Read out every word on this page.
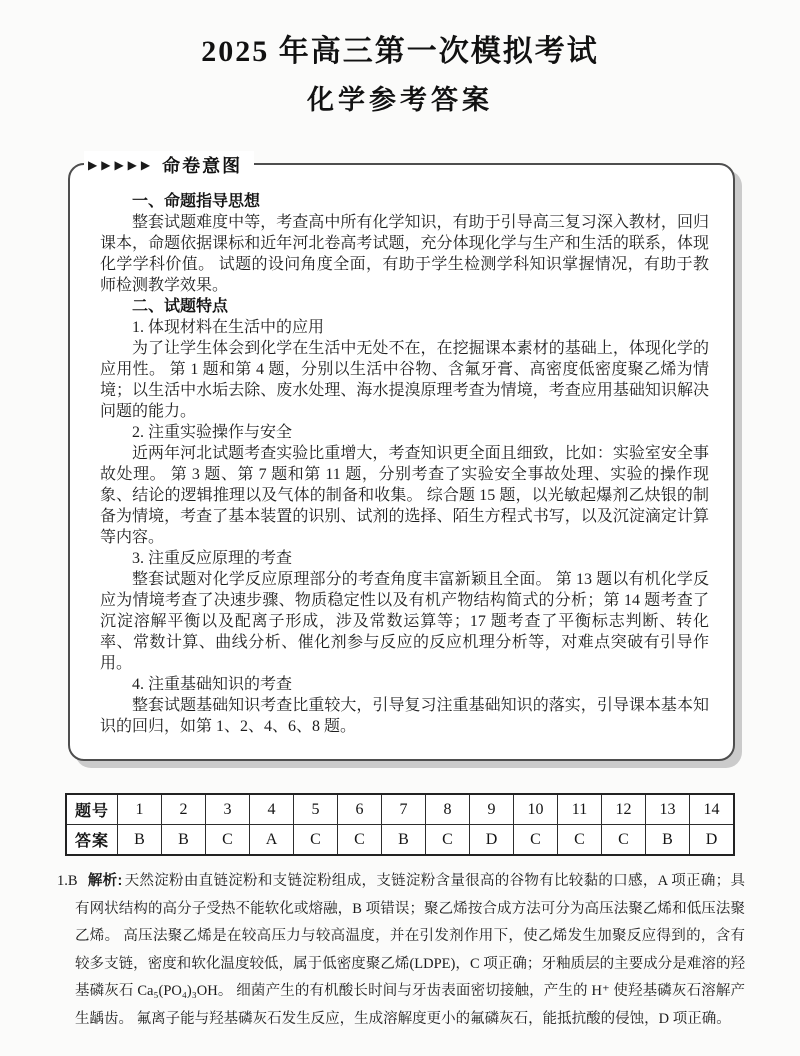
2025 年高三第一次模拟考试
化学参考答案
▶▶▶▶▶ 命卷意图
一、命题指导思想

整套试题难度中等，考查高中所有化学知识，有助于引导高三复习深入教材，回归课本，命题依据课标和近年河北卷高考试题，充分体现化学与生产和生活的联系，体现化学学科价值。 试题的设问角度全面，有助于学生检测学科知识掌握情况，有助于教师检测教学效果。

二、试题特点
1. 体现材料在生活中的应用

为了让学生体会到化学在生活中无处不在，在挖掘课本素材的基础上，体现化学的应用性。 第 1 题和第 4 题，分别以生活中谷物、含氟牙膏、高密度低密度聚乙烯为情境；以生活中水垢去除、废水处理、海水提溴原理考查为情境，考查应用基础知识解决问题的能力。

2. 注重实验操作与安全

近两年河北试题考查实验比重增大，考查知识更全面且细致，比如：实验室安全事故处理。 第 3 题、第 7 题和第 11 题，分别考查了实验安全事故处理、实验的操作现象、结论的逻辑推理以及气体的制备和收集。 综合题 15 题，以光敏起爆剂乙炔银的制备为情境，考查了基本装置的识别、试剂的选择、陌生方程式书写，以及沉淀滴定计算等内容。

3. 注重反应原理的考查

整套试题对化学反应原理部分的考查角度丰富新颖且全面。 第 13 题以有机化学反应为情境考查了决速步骤、物质稳定性以及有机产物结构简式的分析；第 14 题考查了沉淀溶解平衡以及配离子形成，涉及常数运算等；17 题考查了平衡标志判断、转化率、常数计算、曲线分析、催化剂参与反应的反应机理分析等，对难点突破有引导作用。

4. 注重基础知识的考查

整套试题基础知识考查比重较大，引导复习注重基础知识的落实，引导课本基本知识的回归，如第 1、2、4、6、8 题。

题号	1	2	3	4	5	6	7	8	9	10	11	12	13	14
答案	B	B	C	A	C	C	B	C	D	C	C	C	B	D
1.B 解析: 天然淀粉由直链淀粉和支链淀粉组成，支链淀粉含量很高的谷物有比较黏的口感，A 项正确；具有网状结构的高分子受热不能软化或熔融，B 项错误；聚乙烯按合成方法可分为高压法聚乙烯和低压法聚乙烯。 高压法聚乙烯是在较高压力与较高温度，并在引发剂作用下，使乙烯发生加聚反应得到的，含有较多支链，密度和软化温度较低，属于低密度聚乙烯(LDPE)，C 项正确；牙釉质层的主要成分是难溶的羟基磷灰石 Ca₅(PO₄)₃OH。 细菌产生的有机酸长时间与牙齿表面密切接触，产生的 H⁺ 使羟基磷灰石溶解产生龋齿。 氟离子能与羟基磷灰石发生反应，生成溶解度更小的氟磷灰石，能抵抗酸的侵蚀，D 项正确。
